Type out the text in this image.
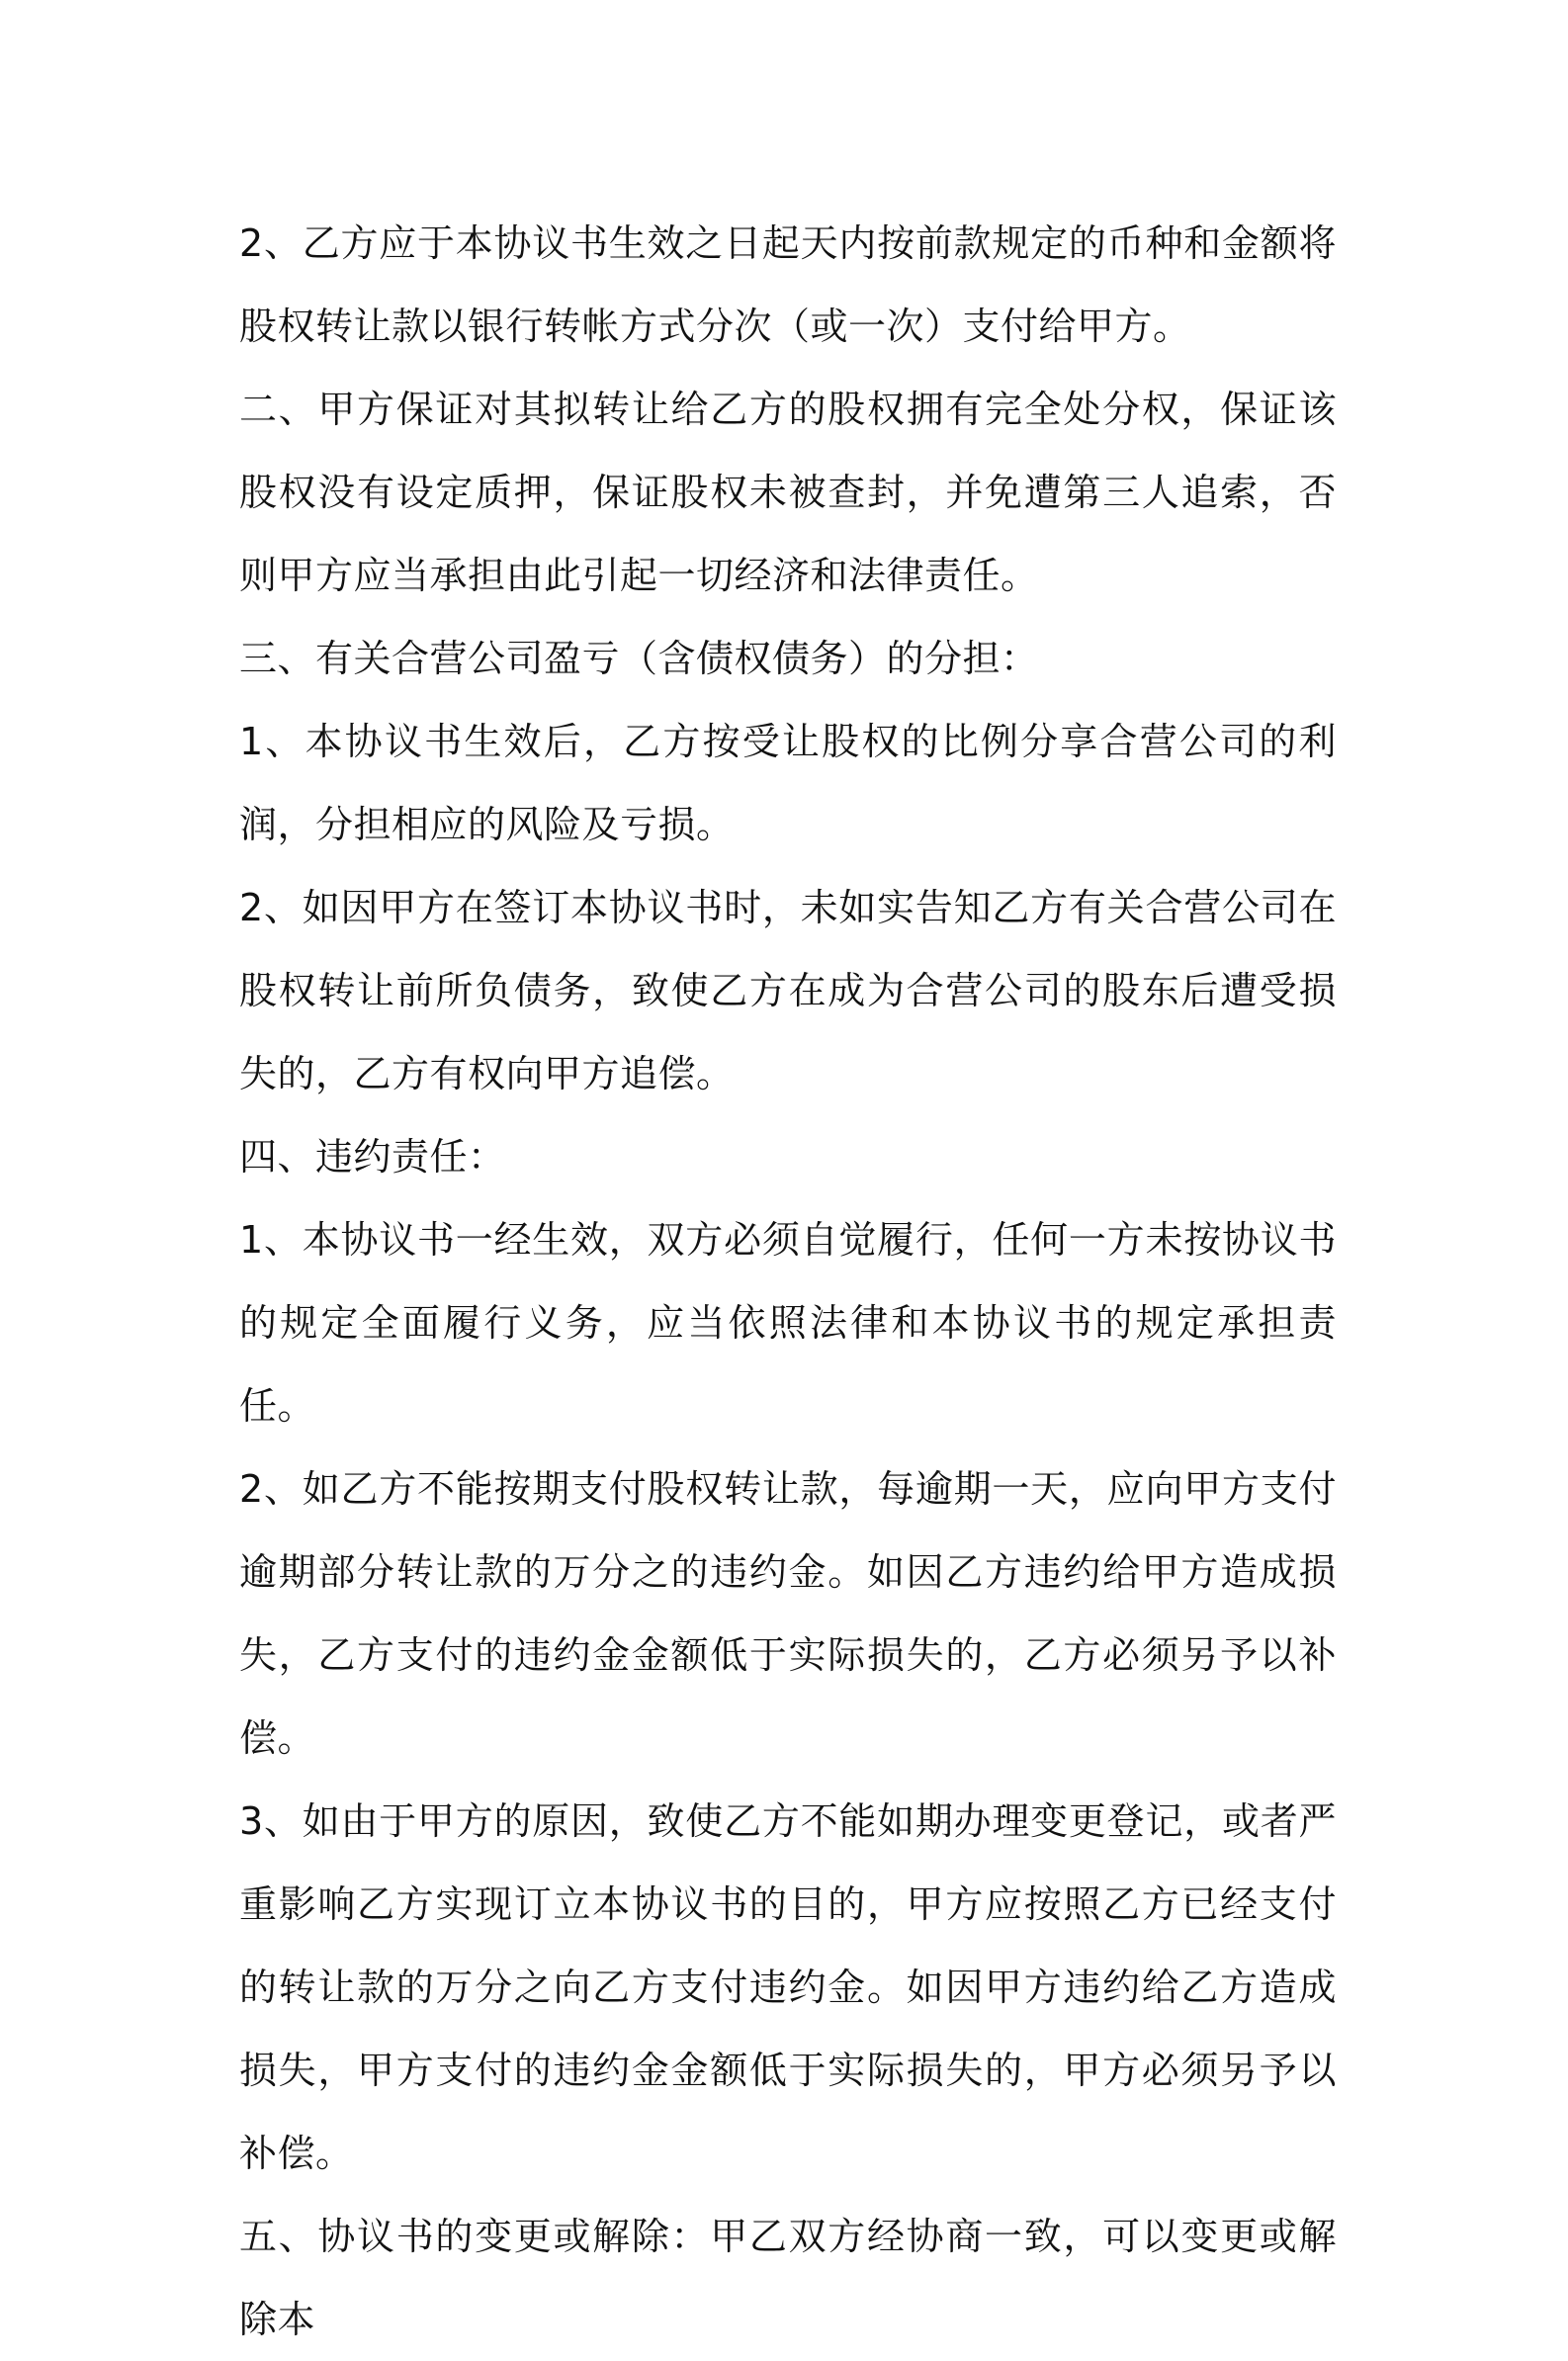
2、乙方应于本协议书生效之日起天内按前款规定的币种和金额将股权转让款以银行转帐方式分次（或一次）支付给甲方。

二、甲方保证对其拟转让给乙方的股权拥有完全处分权，保证该股权没有设定质押，保证股权未被查封，并免遭第三人追索，否则甲方应当承担由此引起一切经济和法律责任。

三、有关合营公司盈亏（含债权债务）的分担：

1、本协议书生效后，乙方按受让股权的比例分享合营公司的利润，分担相应的风险及亏损。

2、如因甲方在签订本协议书时，未如实告知乙方有关合营公司在股权转让前所负债务，致使乙方在成为合营公司的股东后遭受损失的，乙方有权向甲方追偿。

四、违约责任：

1、本协议书一经生效，双方必须自觉履行，任何一方未按协议书的规定全面履行义务，应当依照法律和本协议书的规定承担责任。

2、如乙方不能按期支付股权转让款，每逾期一天，应向甲方支付逾期部分转让款的万分之的违约金。如因乙方违约给甲方造成损失，乙方支付的违约金金额低于实际损失的，乙方必须另予以补偿。

3、如由于甲方的原因，致使乙方不能如期办理变更登记，或者严重影响乙方实现订立本协议书的目的，甲方应按照乙方已经支付的转让款的万分之向乙方支付违约金。如因甲方违约给乙方造成损失，甲方支付的违约金金额低于实际损失的，甲方必须另予以补偿。

五、协议书的变更或解除：甲乙双方经协商一致，可以变更或解除本
